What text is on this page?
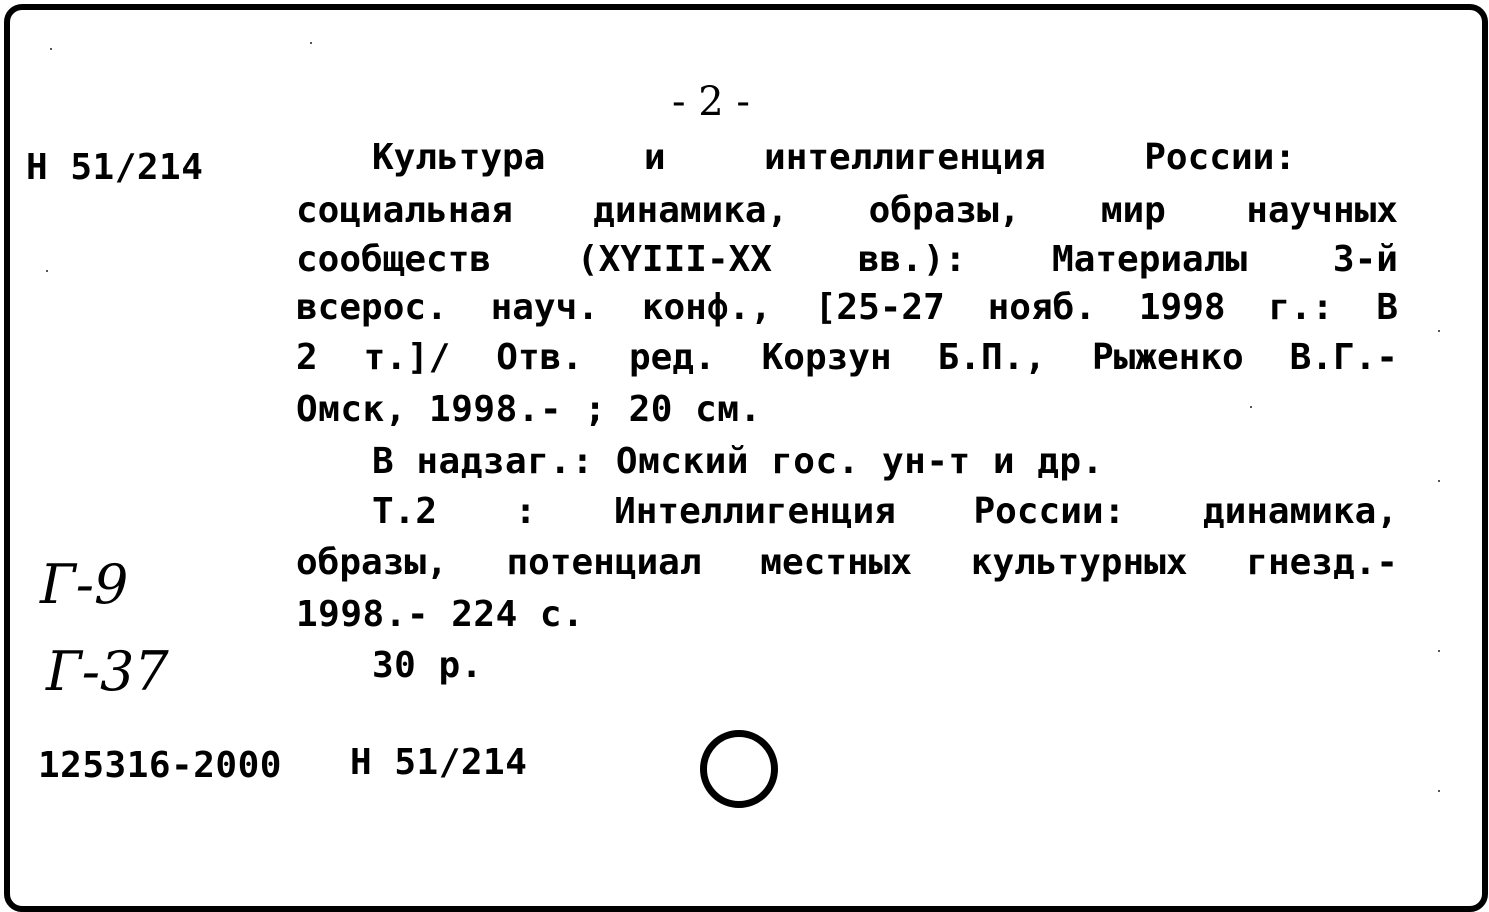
- 2 -
Н 51/214	Культура	и	интеллигенция	России:
социальная динамика, образы, мир научных
сообществ (XYIII-XX вв.): Материалы 3-й
всерос. науч. конф., [25-27 нояб. 1998 г.: В
2 т.]/ Отв. ред. Корзун Б.П., Рыженко В.Г.-
Омск, 1998.- ; 20 см.
В надзаг.: Омский гос. ун-т и др.
Т.2 : Интеллигенция России: динамика,
образы, потенциал местных культурных гнезд.-
1998.- 224 с.
30 р.
Г-9
Г-37
125316-2000 Н 51/214
